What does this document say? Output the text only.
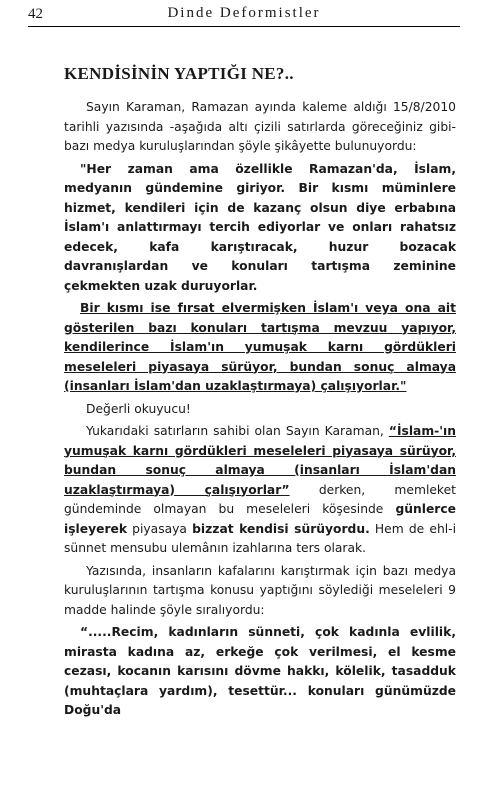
42	Dinde Deformistler
KENDİSİNİN YAPTIĞI NE?..

Sayın Karaman, Ramazan ayında kaleme aldığı 15/8/2010 tarihli yazısında -aşağıda altı çizili satırlarda göreceğiniz gibi- bazı medya kuruluşlarından şöyle şikâyette bulunuyordu:

"Her zaman ama özellikle Ramazan'da, İslam, medyanın gündemine giriyor. Bir kısmı müminlere hizmet, kendileri için de kazanç olsun diye erbabına İslam'ı anlattırmayı tercih ediyorlar ve onları rahatsız edecek, kafa karıştıracak, huzur bozacak davranışlardan ve konuları tartışma zeminine çekmekten uzak duruyorlar.

Bir kısmı ise fırsat elvermişken İslam'ı veya ona ait gösterilen bazı konuları tartışma mevzuu yapıyor, kendilerince İslam'ın yumuşak karnı gördükleri meseleleri piyasaya sürüyor, bundan sonuç almaya (insanları İslam'dan uzaklaştırmaya) çalışıyorlar."

Değerli okuyucu!

Yukarıdaki satırların sahibi olan Sayın Karaman, “İslam-'ın yumuşak karnı gördükleri meseleleri piyasaya sürüyor, bundan sonuç almaya (insanları İslam'dan uzaklaştırmaya) çalışıyorlar” derken, memleket gündeminde olmayan bu meseleleri köşesinde günlerce işleyerek piyasaya bizzat kendisi sürüyordu. Hem de ehl-i sünnet mensubu ulemânın izahlarına ters olarak.

Yazısında, insanların kafalarını karıştırmak için bazı medya kuruluşlarının tartışma konusu yaptığını söylediği meseleleri 9 madde halinde şöyle sıralıyordu:

“.....Recim, kadınların sünneti, çok kadınla evlilik, mirasta kadına az, erkeğe çok verilmesi, el kesme cezası, kocanın karısını dövme hakkı, kölelik, tasadduk (muhtaçlara yardım), tesettür... konuları günümüzde Doğu'da
